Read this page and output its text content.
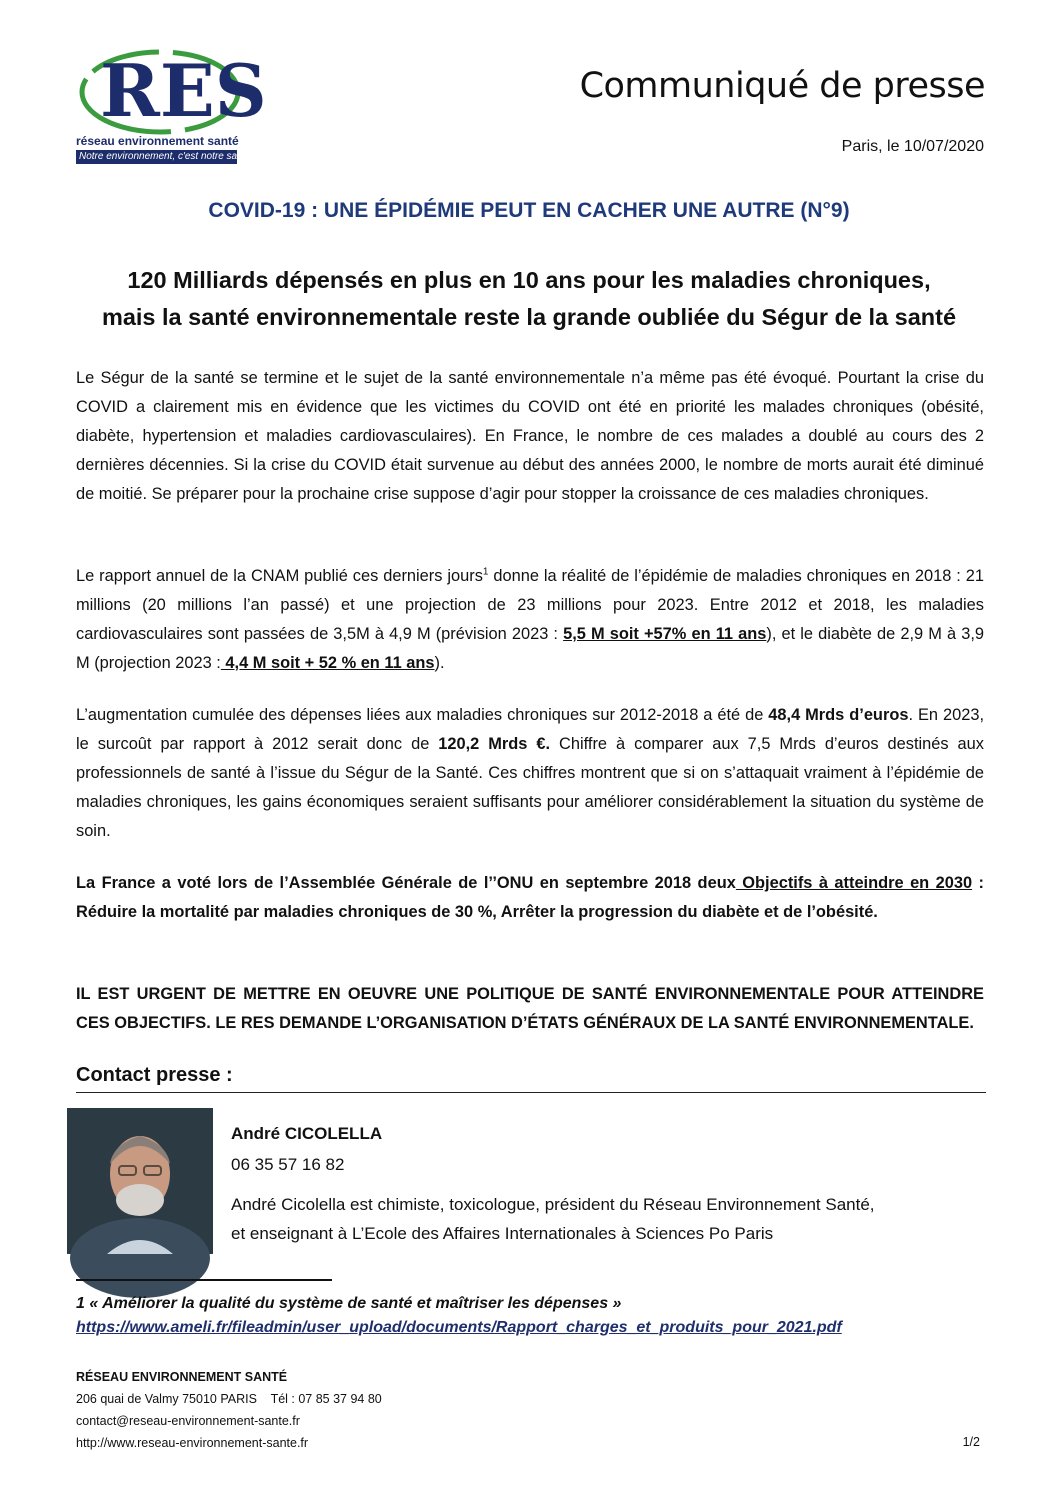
RES
réseau environnement santé
Notre environnement, c'est notre santé
Communiqué de presse
Paris, le 10/07/2020
COVID-19 : UNE ÉPIDÉMIE PEUT EN CACHER UNE AUTRE (N°9)
120 Milliards dépensés en plus en 10 ans pour les maladies chroniques,
mais la santé environnementale reste la grande oubliée du Ségur de la santé
Le Ségur de la santé se termine et le sujet de la santé environnementale n’a même pas été évoqué. Pourtant la crise du COVID a clairement mis en évidence que les victimes du COVID ont été en priorité les malades chroniques (obésité, diabète, hypertension et maladies cardiovasculaires). En France, le nombre de ces malades a doublé au cours des 2 dernières décennies. Si la crise du COVID était survenue au début des années 2000, le nombre de morts aurait été diminué de moitié. Se préparer pour la prochaine crise suppose d’agir pour stopper la croissance de ces maladies chroniques.
Le rapport annuel de la CNAM publié ces derniers jours$^1$ donne la réalité de l’épidémie de maladies chroniques en 2018 : 21 millions (20 millions l’an passé) et une projection de 23 millions pour 2023. Entre 2012 et 2018, les maladies cardiovasculaires sont passées de 3,5M à 4,9 M (prévision 2023 : 5,5 M soit +57% en 11 ans), et le diabète de 2,9 M à 3,9 M (projection 2023 : 4,4 M soit + 52 % en 11 ans).
L’augmentation cumulée des dépenses liées aux maladies chroniques sur 2012-2018 a été de 48,4 Mrds d’euros. En 2023, le surcoût par rapport à 2012 serait donc de 120,2 Mrds €. Chiffre à comparer aux 7,5 Mrds d’euros destinés aux professionnels de santé à l’issue du Ségur de la Santé. Ces chiffres montrent que si on s’attaquait vraiment à l’épidémie de maladies chroniques, les gains économiques seraient suffisants pour améliorer considérablement la situation du système de soin.
La France a voté lors de l’Assemblée Générale de l’’ONU en septembre 2018 deux Objectifs à atteindre en 2030 : Réduire la mortalité par maladies chroniques de 30 %, Arrêter la progression du diabète et de l’obésité.
IL EST URGENT DE METTRE EN OEUVRE UNE POLITIQUE DE SANTÉ ENVIRONNEMENTALE POUR ATTEINDRE CES OBJECTIFS. LE RES DEMANDE L’ORGANISATION D’ÉTATS GÉNÉRAUX DE LA SANTÉ ENVIRONNEMENTALE.
Contact presse :
André CICOLELLA
06 35 57 16 82
André Cicolella est chimiste, toxicologue, président du Réseau Environnement Santé,
et enseignant à L’Ecole des Affaires Internationales à Sciences Po Paris
1 « Améliorer la qualité du système de santé et maîtriser les dépenses »
https://www.ameli.fr/fileadmin/user_upload/documents/Rapport_charges_et_produits_pour_2021.pdf
RÉSEAU ENVIRONNEMENT SANTÉ
206 quai de Valmy 75010 PARIS    Tél : 07 85 37 94 80
contact@reseau-environnement-sante.fr
http://www.reseau-environnement-sante.fr	1/2
